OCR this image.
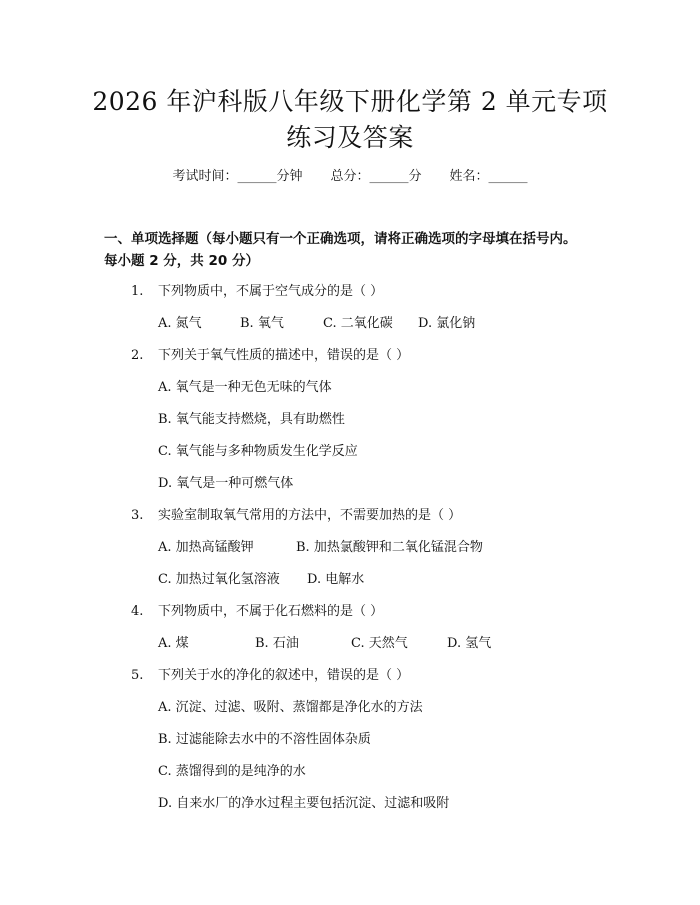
2026 年沪科版八年级下册化学第 2 单元专项
练习及答案
考试时间：______分钟 总分：______分 姓名：______
一、单项选择题（每小题只有一个正确选项，请将正确选项的字母填在括号内。
每小题 2 分，共 20 分）
1. 下列物质中，不属于空气成分的是（ ）
A. 氮气	B. 氧气	C. 二氧化碳 D. 氯化钠
2. 下列关于氧气性质的描述中，错误的是（ ）
A. 氧气是一种无色无味的气体
B. 氧气能支持燃烧，具有助燃性
C. 氧气能与多种物质发生化学反应
D. 氧气是一种可燃气体
3. 实验室制取氧气常用的方法中，不需要加热的是（ ）
A. 加热高锰酸钾	B. 加热氯酸钾和二氧化锰混合物
C. 加热过氧化氢溶液 D. 电解水
4. 下列物质中，不属于化石燃料的是（ ）
A. 煤	B. 石油	C. 天然气	D. 氢气
5. 下列关于水的净化的叙述中，错误的是（ ）
A. 沉淀、过滤、吸附、蒸馏都是净化水的方法
B. 过滤能除去水中的不溶性固体杂质
C. 蒸馏得到的是纯净的水
D. 自来水厂的净水过程主要包括沉淀、过滤和吸附
